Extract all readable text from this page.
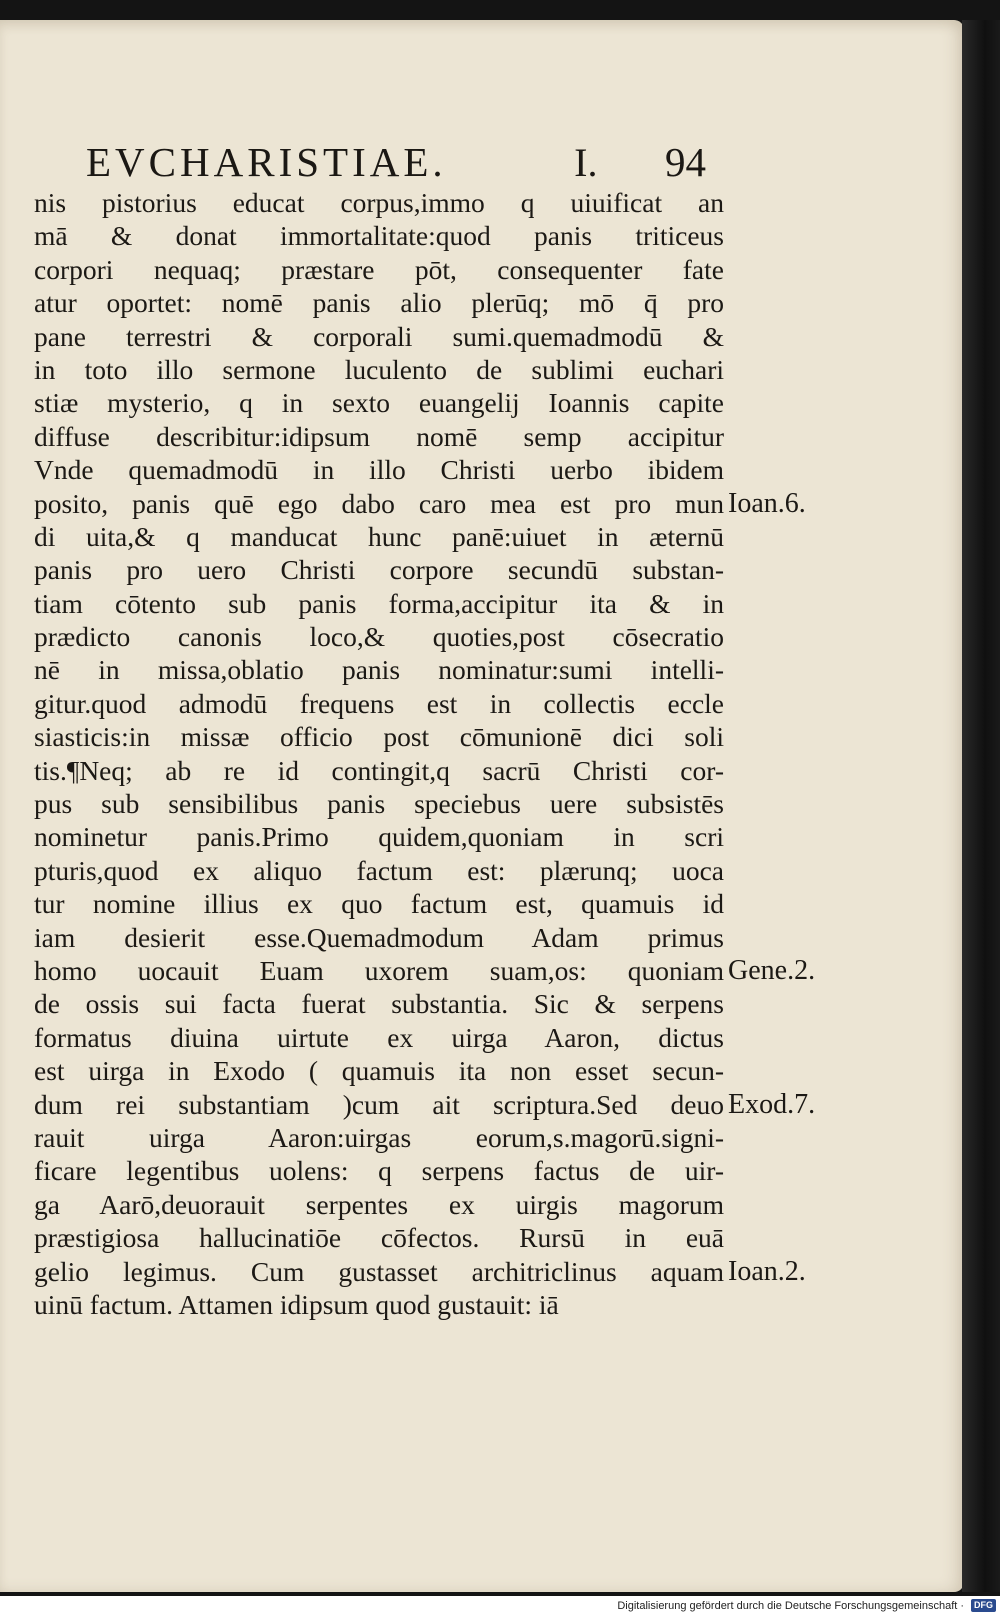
EVCHARISTIAE.	I. 94
nis pistorius educat corpus,immo q uiuificat an
mā & donat immortalitate:quod panis triticeus
corpori nequaq; præstare pōt, consequenter fate
atur oportet: nomē panis alio plerūq; mō q̄ pro
pane terrestri & corporali sumi.quemadmodū &
in toto illo sermone luculento de sublimi euchari
stiæ mysterio, q in sexto euangelij Ioannis capite
diffuse describitur:idipsum nomē semp accipitur
Vnde quemadmodū in illo Christi uerbo ibidem
posito, panis quē ego dabo caro mea est pro mun
di uita,& q manducat hunc panē:uiuet in æternū
panis pro uero Christi corpore secundū substan-
tiam cōtento sub panis forma,accipitur ita & in
prædicto canonis loco,& quoties,post cōsecratio
nē in missa,oblatio panis nominatur:sumi intelli-
gitur.quod admodū frequens est in collectis eccle
siasticis:in missæ officio post cōmunionē dici soli
tis.¶Neq; ab re id contingit,q sacrū Christi cor-
pus sub sensibilibus panis speciebus uere subsistēs
nominetur panis.Primo quidem,quoniam in scri
pturis,quod ex aliquo factum est: plærunq; uoca
tur nomine illius ex quo factum est, quamuis id
iam desierit esse.Quemadmodum Adam primus
homo uocauit Euam uxorem suam,os: quoniam
de ossis sui facta fuerat substantia. Sic & serpens
formatus diuina uirtute ex uirga Aaron, dictus
est uirga in Exodo ( quamuis ita non esset secun-
dum rei substantiam )cum ait scriptura.Sed deuo
rauit uirga Aaron:uirgas eorum,s.magorū.signi-
ficare legentibus uolens: q serpens factus de uir-
ga Aarō,deuorauit serpentes ex uirgis magorum
præstigiosa hallucinatiōe cōfectos. Rursū in euā
gelio legimus. Cum gustasset architriclinus aquam
uinū factum. Attamen idipsum quod gustauit: iā
Ioan.6.
Gene.2.
Exod.7.
Ioan.2.
Digitalisierung gefördert durch die Deutsche Forschungsgemeinschaft ·	DFG
